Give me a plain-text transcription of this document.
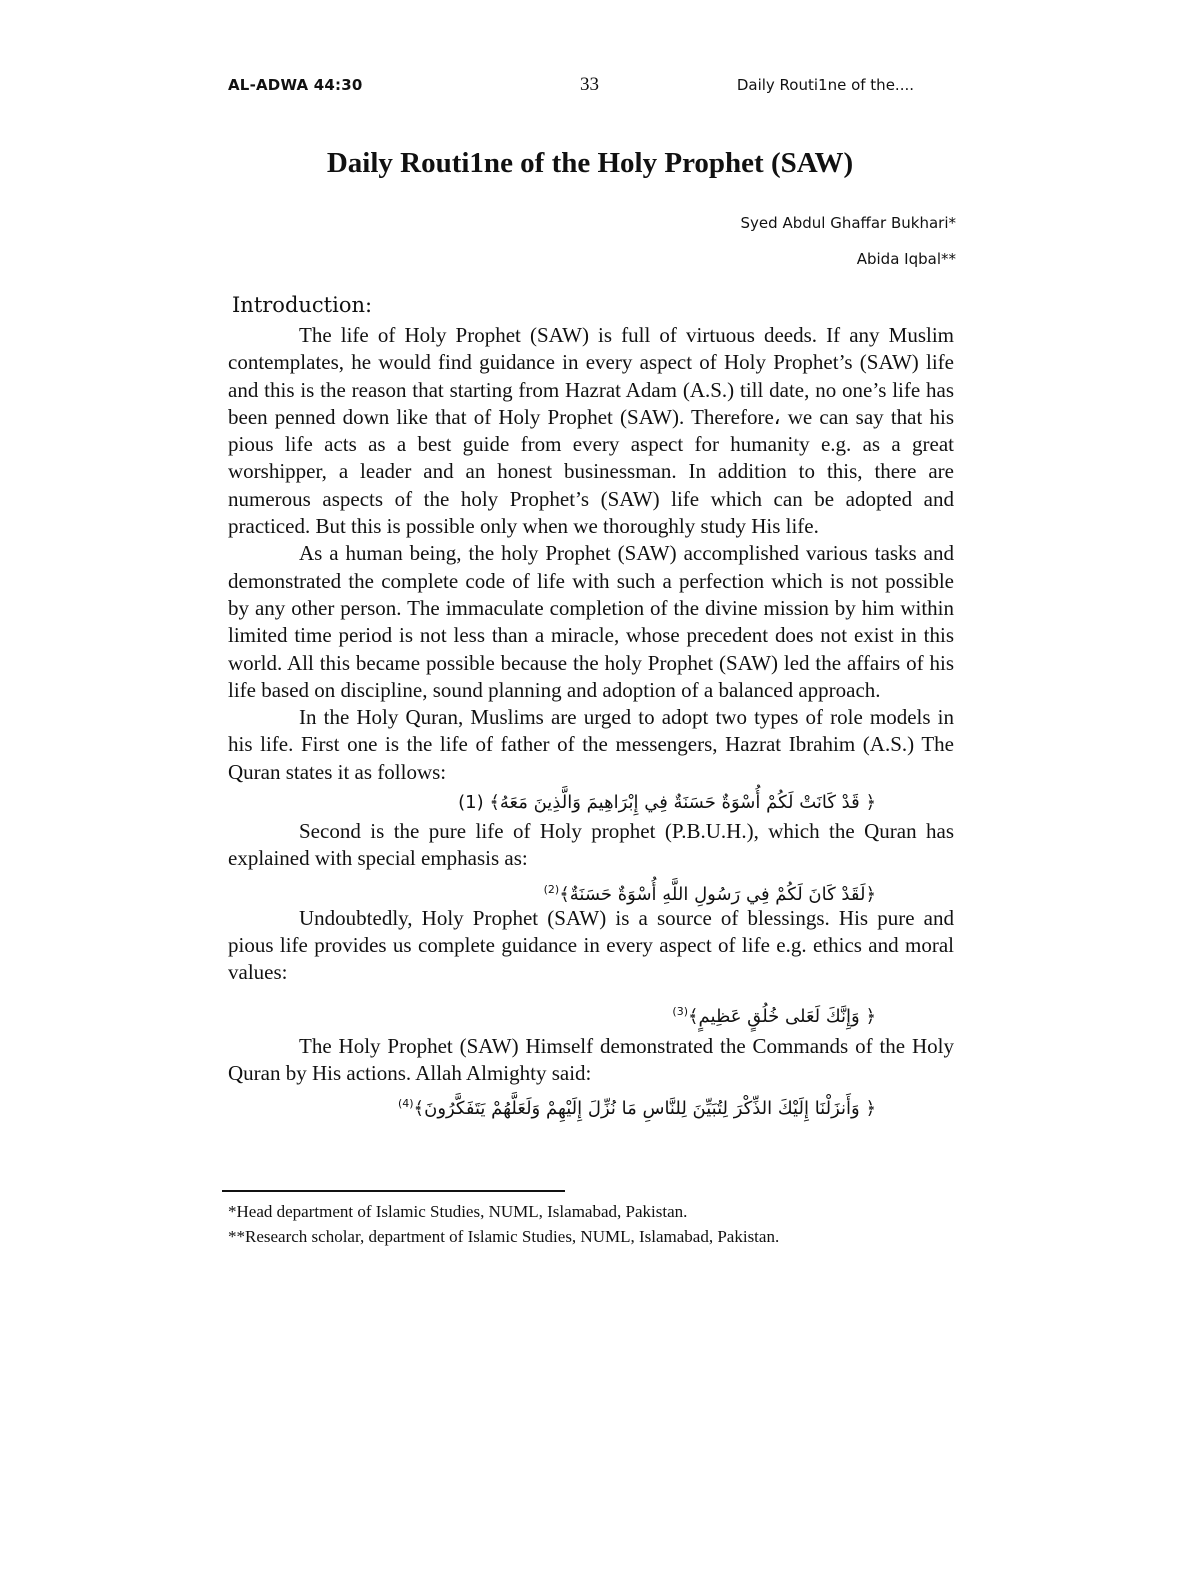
AL-ADWA 44:30	33	Daily Routi1ne of the....
Daily Routi1ne of the Holy Prophet (SAW)
Syed Abdul Ghaffar Bukhari*
Abida Iqbal**
Introduction:

The life of Holy Prophet (SAW) is full of virtuous deeds. If any Muslim contemplates, he would find guidance in every aspect of Holy Prophet’s (SAW) life and this is the reason that starting from Hazrat Adam (A.S.) till date, no one’s life has been penned down like that of Holy Prophet (SAW). Therefore، we can say that his pious life acts as a best guide from every aspect for humanity e.g. as a great worshipper, a leader and an honest businessman. In addition to this, there are numerous aspects of the holy Prophet’s (SAW) life which can be adopted and practiced. But this is possible only when we thoroughly study His life.

As a human being, the holy Prophet (SAW) accomplished various tasks and demonstrated the complete code of life with such a perfection which is not possible by any other person. The immaculate completion of the divine mission by him within limited time period is not less than a miracle, whose precedent does not exist in this world. All this became possible because the holy Prophet (SAW) led the affairs of his life based on discipline, sound planning and adoption of a balanced approach.

In the Holy Quran, Muslims are urged to adopt two types of role models in his life. First one is the life of father of the messengers, Hazrat Ibrahim (A.S.) The Quran states it as follows:

﴿ قَدْ كَانَتْ لَكُمْ أُسْوَةٌ حَسَنَةٌ فِي إِبْرَاهِيمَ وَالَّذِينَ مَعَهُ﴾ (1)

Second is the pure life of Holy prophet (P.B.U.H.), which the Quran has explained with special emphasis as:

﴿لَقَدْ كَانَ لَكُمْ فِي رَسُولِ اللَّهِ أُسْوَةٌ حَسَنَةٌ﴾$^{(2)}$

Undoubtedly, Holy Prophet (SAW) is a source of blessings. His pure and pious life provides us complete guidance in every aspect of life e.g. ethics and moral values:

﴿ وَإِنَّكَ لَعَلى خُلُقٍ عَظِيمٍ﴾$^{(3)}$

The Holy Prophet (SAW) Himself demonstrated the Commands of the Holy Quran by His actions. Allah Almighty said:

﴿ وَأَنزَلْنَا إِلَيْكَ الذِّكْرَ لِتُبَيِّنَ لِلنَّاسِ مَا نُزِّلَ إِلَيْهِمْ وَلَعَلَّهُمْ يَتَفَكَّرُونَ﴾$^{(4)}$
*Head department of Islamic Studies, NUML, Islamabad, Pakistan.
**Research scholar, department of Islamic Studies, NUML, Islamabad, Pakistan.
